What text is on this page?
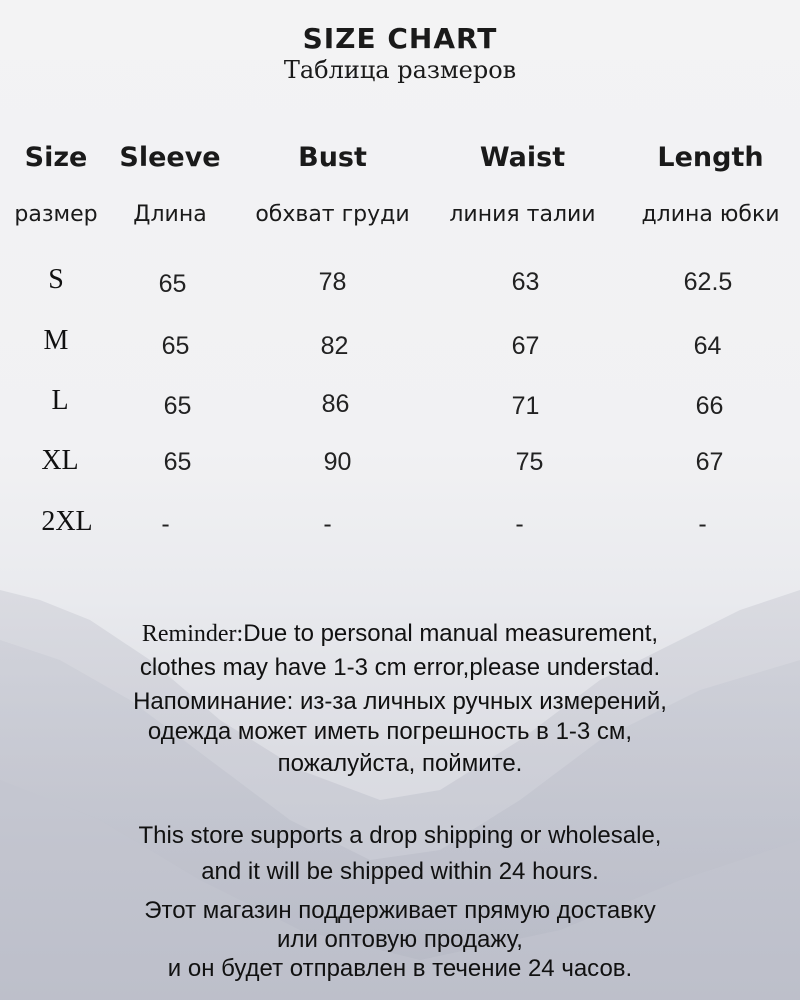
SIZE CHART
Таблица размеров
Size	Sleeve	Bust	Waist	Length
размер	Длина	обхват груди	линия талии	длина юбки
S	65	78	63	62.5
M	65	82	67	64
L	65	86	71	66
XL	65	90	75	67
2XL	-	-	-	-
Reminder:Due to personal manual measurement,
clothes may have 1-3 cm error,please understad.
Напоминание: из-за личных ручных измерений,
одежда может иметь погрешность в 1-3 см,
пожалуйста, поймите.
This store supports a drop shipping or wholesale,
and it will be shipped within 24 hours.
Этот магазин поддерживает прямую доставку
или оптовую продажу,
и он будет отправлен в течение 24 часов.
